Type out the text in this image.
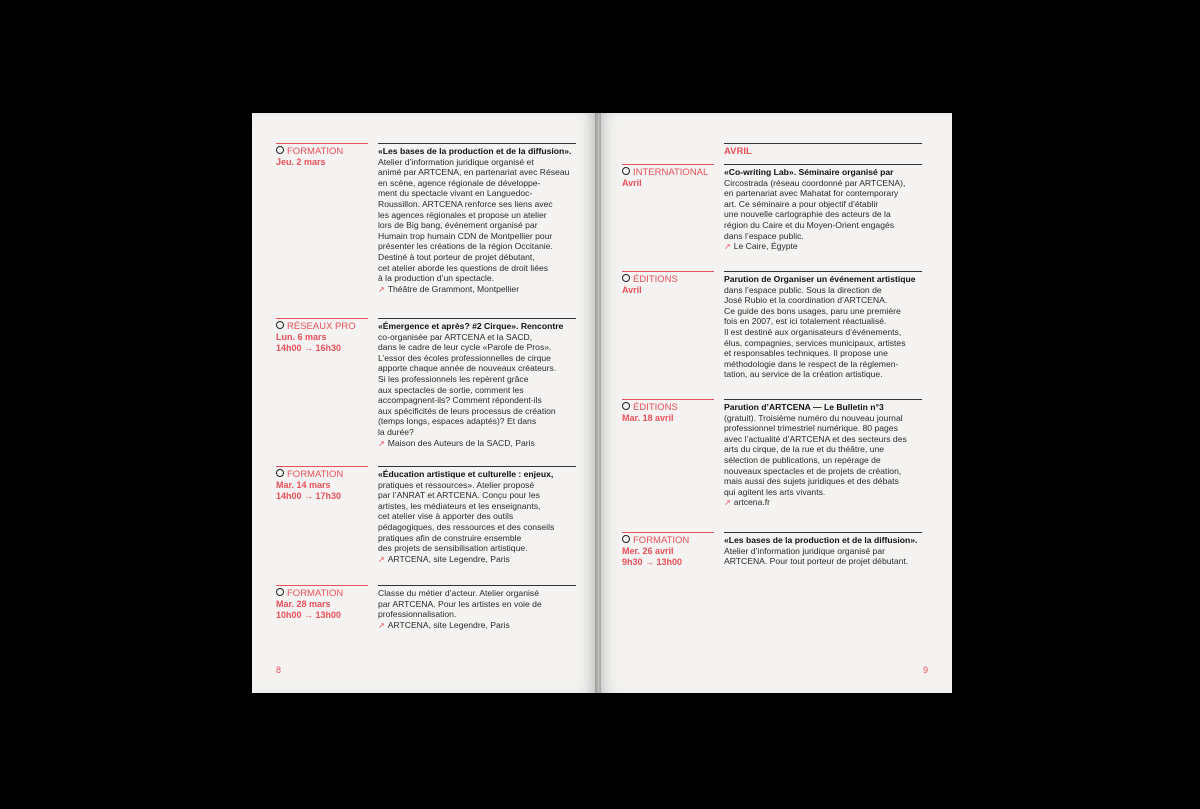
FORMATION
Jeu. 2 mars
«Les bases de la production et de la diffusion».
Atelier d’information juridique organisé et
animé par ARTCENA, en partenariat avec Réseau
en scène, agence régionale de développe-
ment du spectacle vivant en Languedoc-
Roussillon. ARTCENA renforce ses liens avec
les agences régionales et propose un atelier
lors de Big bang, événement organisé par
Humain trop humain CDN de Montpellier pour
présenter les créations de la région Occitanie.
Destiné à tout porteur de projet débutant,
cet atelier aborde les questions de droit liées
à la production d’un spectacle.
↗ Théâtre de Grammont, Montpellier
RÉSEAUX PRO
Lun. 6 mars
14h00 → 16h30
«Émergence et après? #2 Cirque». Rencontre
co-organisée par ARTCENA et la SACD,
dans le cadre de leur cycle «Parole de Pros».
L’essor des écoles professionnelles de cirque
apporte chaque année de nouveaux créateurs.
Si les professionnels les repèrent grâce
aux spectacles de sortie, comment les
accompagnent-ils? Comment répondent-ils
aux spécificités de leurs processus de création
(temps longs, espaces adaptés)? Et dans
la durée?
↗ Maison des Auteurs de la SACD, Paris
FORMATION
Mar. 14 mars
14h00 → 17h30
«Éducation artistique et culturelle : enjeux,
pratiques et ressources». Atelier proposé
par l’ANRAT et ARTCENA. Conçu pour les
artistes, les médiateurs et les enseignants,
cet atelier vise à apporter des outils
pédagogiques, des ressources et des conseils
pratiques afin de construire ensemble
des projets de sensibilisation artistique.
↗ ARTCENA, site Legendre, Paris
FORMATION
Mar. 28 mars
10h00 → 13h00
Classe du métier d’acteur. Atelier organisé
par ARTCENA. Pour les artistes en voie de
professionnalisation.
↗ ARTCENA, site Legendre, Paris
8
AVRIL
INTERNATIONAL
Avril
«Co-writing Lab». Séminaire organisé par
Circostrada (réseau coordonné par ARTCENA),
en partenariat avec Mahatat for contemporary
art. Ce séminaire a pour objectif d’établir
une nouvelle cartographie des acteurs de la
région du Caire et du Moyen-Orient engagés
dans l’espace public.
↗ Le Caire, Égypte
ÉDITIONS
Avril
Parution de Organiser un événement artistique
dans l’espace public. Sous la direction de
José Rubio et la coordination d’ARTCENA.
Ce guide des bons usages, paru une première
fois en 2007, est ici totalement réactualisé.
Il est destiné aux organisateurs d’événements,
élus, compagnies, services municipaux, artistes
et responsables techniques. Il propose une
méthodologie dans le respect de la réglemen-
tation, au service de la création artistique.
ÉDITIONS
Mar. 18 avril
Parution d’ARTCENA — Le Bulletin n°3
(gratuit). Troisième numéro du nouveau journal
professionnel trimestriel numérique. 80 pages
avec l’actualité d’ARTCENA et des secteurs des
arts du cirque, de la rue et du théâtre, une
sélection de publications, un repérage de
nouveaux spectacles et de projets de création,
mais aussi des sujets juridiques et des débats
qui agitent les arts vivants.
↗ artcena.fr
FORMATION
Mer. 26 avril
9h30 → 13h00
«Les bases de la production et de la diffusion».
Atelier d’information juridique organisé par
ARTCENA. Pour tout porteur de projet débutant.
9
